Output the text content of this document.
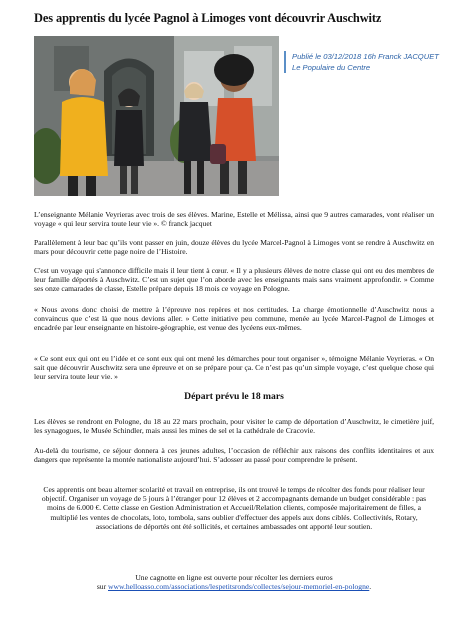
Des apprentis du lycée Pagnol à Limoges vont découvrir Auschwitz
Publié le 03/12/2018 16h Franck JACQUET Le Populaire du Centre
L’enseignante Mélanie Veyrieras avec trois de ses élèves. Marine, Estelle et Mélissa, ainsi que 9 autres camarades, vont réaliser un voyage « qui leur servira toute leur vie ». © franck jacquet
Parallèlement à leur bac qu’ils vont passer en juin, douze élèves du lycée Marcel-Pagnol à Limoges vont se rendre à Auschwitz en mars pour découvrir cette page noire de l’Histoire.
C'est un voyage qui s'annonce difficile mais il leur tient à cœur. « Il y a plusieurs élèves de notre classe qui ont eu des membres de leur famille déportés à Auschwitz. C’est un sujet que l’on aborde avec les enseignants mais sans vraiment approfondir. » Comme ses onze camarades de classe, Estelle prépare depuis 18 mois ce voyage en Pologne.
« Nous avons donc choisi de mettre à l’épreuve nos repères et nos certitudes. La charge émotionnelle d’Auschwitz nous a convaincus que c’est là que nous devions aller. » Cette initiative peu commune, menée au lycée Marcel-Pagnol de Limoges et encadrée par leur enseignante en histoire-géographie, est venue des lycéens eux-mêmes.
« Ce sont eux qui ont eu l’idée et ce sont eux qui ont mené les démarches pour tout organiser », témoigne Mélanie Veyrieras. « On sait que découvrir Auschwitz sera une épreuve et on se prépare pour ça. Ce n’est pas qu’un simple voyage, c’est quelque chose qui leur servira toute leur vie. »
Départ prévu le 18 mars
Les élèves se rendront en Pologne, du 18 au 22 mars prochain, pour visiter le camp de déportation d’Auschwitz, le cimetière juif, les synagogues, le Musée Schindler, mais aussi les mines de sel et la cathédrale de Cracovie.
Au-delà du tourisme, ce séjour donnera à ces jeunes adultes, l’occasion de réfléchir aux raisons des conflits identitaires et aux dangers que représente la montée nationaliste aujourd’hui. S’adosser au passé pour comprendre le présent.
Ces apprentis ont beau alterner scolarité et travail en entreprise, ils ont trouvé le temps de récolter des fonds pour réaliser leur objectif. Organiser un voyage de 5 jours à l’étranger pour 12 élèves et 2 accompagnants demande un budget considérable : pas moins de 6.000 €. Cette classe en Gestion Administration et Accueil/Relation clients, composée majoritairement de filles, a multiplié les ventes de chocolats, loto, tombola, sans oublier d'effectuer des appels aux dons ciblés. Collectivités, Rotary, associations de déportés ont été sollicités, et certaines ambassades ont apporté leur soutien.
Une cagnotte en ligne est ouverte pour récolter les derniers euros
sur www.helloasso.com/associations/lespetitsronds/collectes/sejour-memoriel-en-pologne.
